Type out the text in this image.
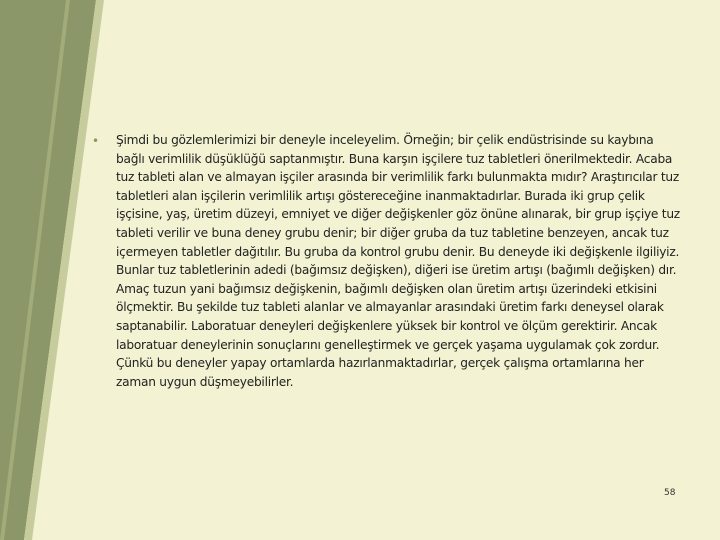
• Şimdi bu gözlemlerimizi bir deneyle inceleyelim. Örneğin; bir çelik endüstrisinde su kaybına bağlı verimlilik düşüklüğü saptanmıştır. Buna karşın işçilere tuz tabletleri önerilmektedir. Acaba tuz tableti alan ve almayan işçiler arasında bir verimlilik farkı bulunmakta mıdır? Araştırıcılar tuz tabletleri alan işçilerin verimlilik artışı göstereceğine inanmaktadırlar. Burada iki grup çelik işçisine, yaş, üretim düzeyi, emniyet ve diğer değişkenler göz önüne alınarak, bir grup işçiye tuz tableti verilir ve buna deney grubu denir; bir diğer gruba da tuz tabletine benzeyen, ancak tuz içermeyen tabletler dağıtılır. Bu gruba da kontrol grubu denir. Bu deneyde iki değişkenle ilgiliyiz. Bunlar tuz tabletlerinin adedi (bağımsız değişken), diğeri ise üretim artışı (bağımlı değişken) dır. Amaç tuzun yani bağımsız değişkenin, bağımlı değişken olan üretim artışı üzerindeki etkisini ölçmektir. Bu şekilde tuz tableti alanlar ve almayanlar arasındaki üretim farkı deneysel olarak saptanabilir. Laboratuar deneyleri değişkenlere yüksek bir kontrol ve ölçüm gerektirir. Ancak laboratuar deneylerinin sonuçlarını genelleştirmek ve gerçek yaşama uygulamak çok zordur. Çünkü bu deneyler yapay ortamlarda hazırlanmaktadırlar, gerçek çalışma ortamlarına her zaman uygun düşmeyebilirler.

58
